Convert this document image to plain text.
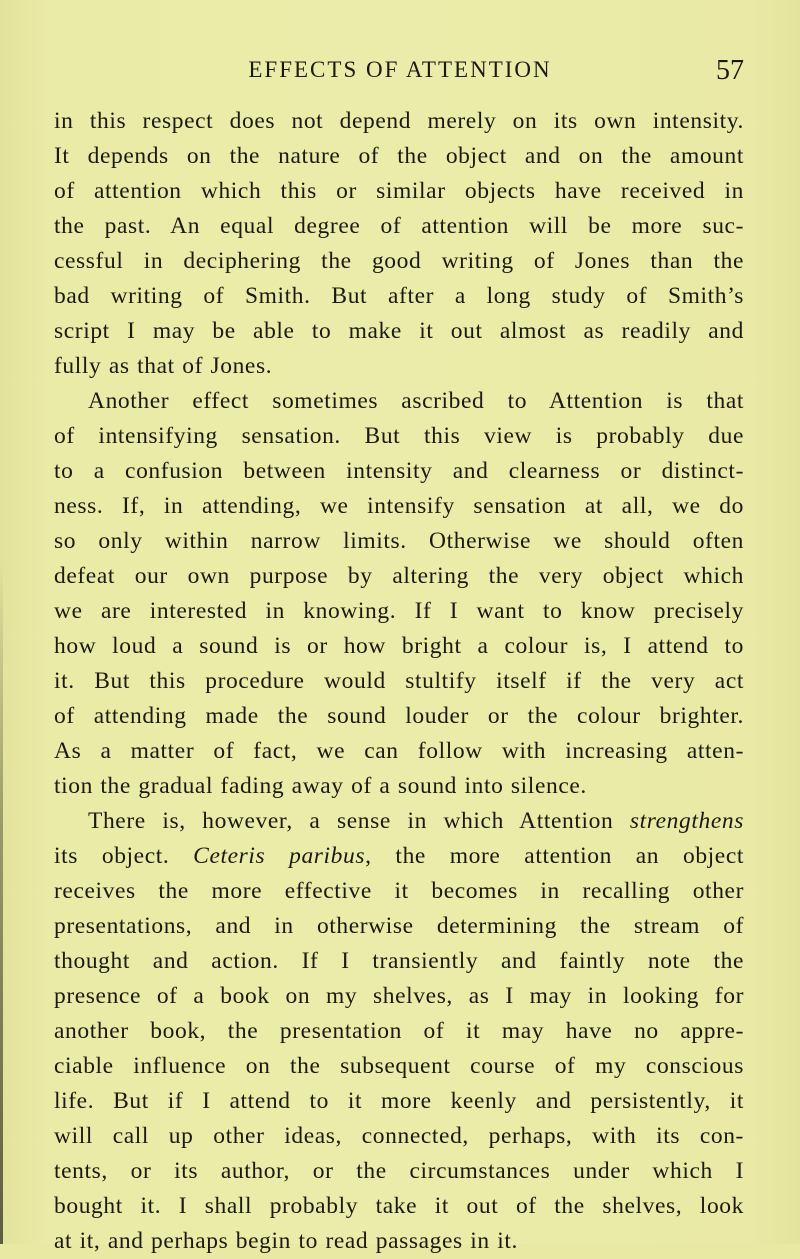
EFFECTS OF ATTENTION	57
in this respect does not depend merely on its own intensity.
It depends on the nature of the object and on the amount
of attention which this or similar objects have received in
the past. An equal degree of attention will be more suc-
cessful in deciphering the good writing of Jones than the
bad writing of Smith. But after a long study of Smith’s
script I may be able to make it out almost as readily and
fully as that of Jones.
Another effect sometimes ascribed to Attention is that
of intensifying sensation. But this view is probably due
to a confusion between intensity and clearness or distinct-
ness. If, in attending, we intensify sensation at all, we do
so only within narrow limits. Otherwise we should often
defeat our own purpose by altering the very object which
we are interested in knowing. If I want to know precisely
how loud a sound is or how bright a colour is, I attend to
it. But this procedure would stultify itself if the very act
of attending made the sound louder or the colour brighter.
As a matter of fact, we can follow with increasing atten-
tion the gradual fading away of a sound into silence.
There is, however, a sense in which Attention strengthens
its object. Ceteris paribus, the more attention an object
receives the more effective it becomes in recalling other
presentations, and in otherwise determining the stream of
thought and action. If I transiently and faintly note the
presence of a book on my shelves, as I may in looking for
another book, the presentation of it may have no appre-
ciable influence on the subsequent course of my conscious
life. But if I attend to it more keenly and persistently, it
will call up other ideas, connected, perhaps, with its con-
tents, or its author, or the circumstances under which I
bought it. I shall probably take it out of the shelves, look
at it, and perhaps begin to read passages in it.
